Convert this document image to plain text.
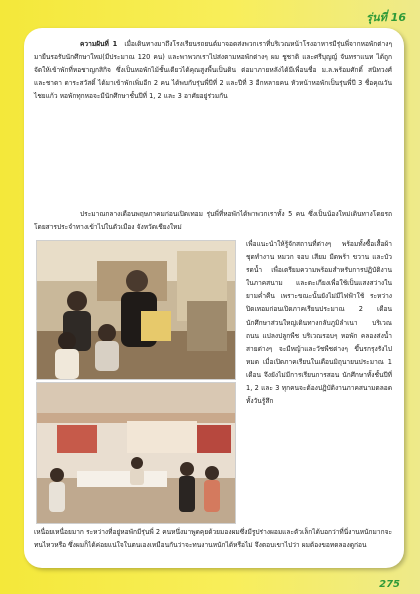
รุ่นที่ 16
ความฝันที่ 1 เมื่อเดินทางมาถึงโรงเรียนรถยนต์มาจอดส่งพวกเราที่บริเวณหน้าโรงอาหารมีรุ่นพี่จากหอพักต่างๆ มายืนรอรับนักศึกษาใหม่(มีประมาณ 120 คน) และพาพวกเราไปส่งตามหอพักต่างๆ ผม ชูชาติ และศรีบุญญ์ จันทราแนท ได้ถูกจัดให้เข้าพักที่หอชาญกสิกิจ ซึ่งเป็นหอพักไม้ชั้นเดียวได้คุณสูงพื้นเป็นดิน ต่อมาภายหลังได้มีเพื่อนชื่อ ม.ล.พร้อมศักดิ์ สนิทวงศ์ และชาดา ดาระสวัสดิ์ ได้มาเข้าพักเพิ่มอีก 2 คน ได้พบกับรุ่นพี่ปีที่ 2 และปีที่ 3 อีกหลายคน หัวหน้าหอพักเป็นรุ่นพี่ปี 3 ชื่อคุณวัน ไชยแก้ว หอพักทุกหอจะมีนักศึกษาชั้นปีที่ 1, 2 และ 3 อาศัยอยู่ร่วมกัน
ประมาณกลางเดือนพฤษภาคมก่อนเปิดเทอม รุ่นพี่ที่หอพักได้พาพวกเราทั้ง 5 คน ซึ่งเป็นน้องใหม่เดินทางโดยรถโดยสารประจำทางเข้าไปในตัวเมือง จังหวัดเชียงใหม่
เพื่อแนะนำให้รู้จักสถานที่ต่างๆ พร้อมทั้งซื้อเสื้อผ้าชุดทำงาน หมวก จอบ เสียม มีดพร้า ขวาน และบัวรดน้ำ เพื่อเตรียมความพร้อมสำหรับการปฏิบัติงานในภาคสนาม และตะเกียงเพื่อใช้เป็นแสงสว่างในยามค่ำคืน เพราะขณะนั้นยังไม่มีไฟฟ้าใช้ ระหว่างปิดเทอมก่อนเปิดภาคเรียนประมาณ 2 เดือนนักศึกษาส่วนใหญ่เดินทางกลับภูมิลำเนา บริเวณถนน แปลงปลูกพืช บริเวณรอบๆ หอพัก คลองส่งน้ำสายต่างๆ จะมีหญ้าและวัชพืชต่างๆ ขึ้นรกรุงรังไปหมด เมื่อเปิดภาคเรียนในเดือนมิถุนายนประมาณ 1 เดือน จึงยังไม่มีการเรียนการสอน นักศึกษาทั้งชั้นปีที่ 1, 2 และ 3 ทุกคนจะต้องปฏิบัติงานภาคสนามตลอดทั้งวันรู้สึก
เหนื่อยเหนื่อยมาก ระหว่างที่อยู่หอพักมีรุ่นพี่ 2 คนหนึ่งมาพูดคุยด้วยมองผมซึ่งมีรูปร่างผอมและตัวเล็กได้บอกว่าที่นี่งานหนักมากจะทนไหวหรือ ซึ่งผมก็ได้ค่อยแน่ใจในตนเองเหมือนกันว่าจะทนงานหนักได้หรือไม่ จึงตอบเขาไปว่า ผมต้องขอทดลองดูก่อน
275
